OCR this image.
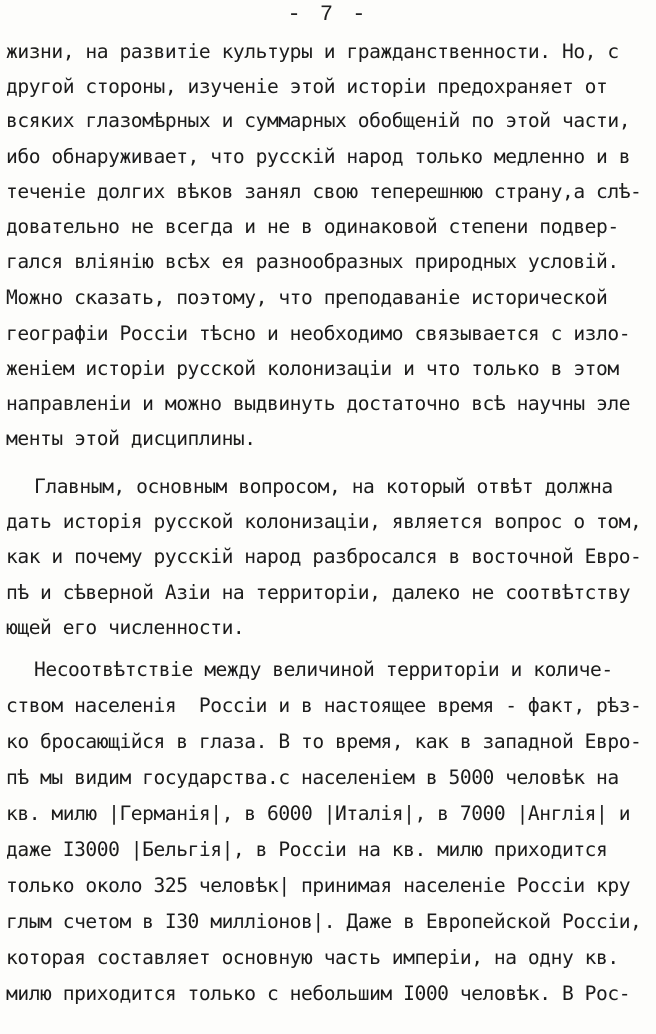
- 7 -
жизни, на развитіе культуры и гражданственности. Но, с
другой стороны, изученіе этой исторіи предохраняет от
всяких глазомѣрных и суммарных обобщеній по этой части,
ибо обнаруживает, что русскій народ только медленно и в
теченіе долгих вѣков занял свою теперешнюю страну,а слѣ-
довательно не всегда и не в одинаковой степени подвер-
гался вліянію всѣх ея разнообразных природных условій.
Можно сказать, поэтому, что преподаваніе исторической
географіи Россіи тѣсно и необходимо связывается с изло-
женіем исторіи русской колонизаціи и что только в этом
направленіи и можно выдвинуть достаточно всѣ научны эле
менты этой дисциплины.
Главным, основным вопросом, на который отвѣт должна
дать исторія русской колонизаціи, является вопрос о том,
как и почему русскій народ разбросался в восточной Евро-
пѣ и сѣверной Азіи на территоріи, далеко не соотвѣтству
ющей его численности.
Несоотвѣтствіе между величиной территоріи и количе-
ством населенія  Россіи и в настоящее время - факт, рѣз-
ко бросающійся в глаза. В то время, как в западной Евро-
пѣ мы видим государства.с населеніем в 5000 человѣк на
кв. милю |Германія|, в 6000 |Италія|, в 7000 |Англія| и
даже I3000 |Бельгія|, в Россіи на кв. милю приходится
только около 325 человѣк| принимая населеніе Россіи кру
глым счетом в I30 милліонов|. Даже в Европейской Россіи,
которая составляет основную часть имперіи, на одну кв.
милю приходится только с небольшим I000 человѣк. В Рос-
